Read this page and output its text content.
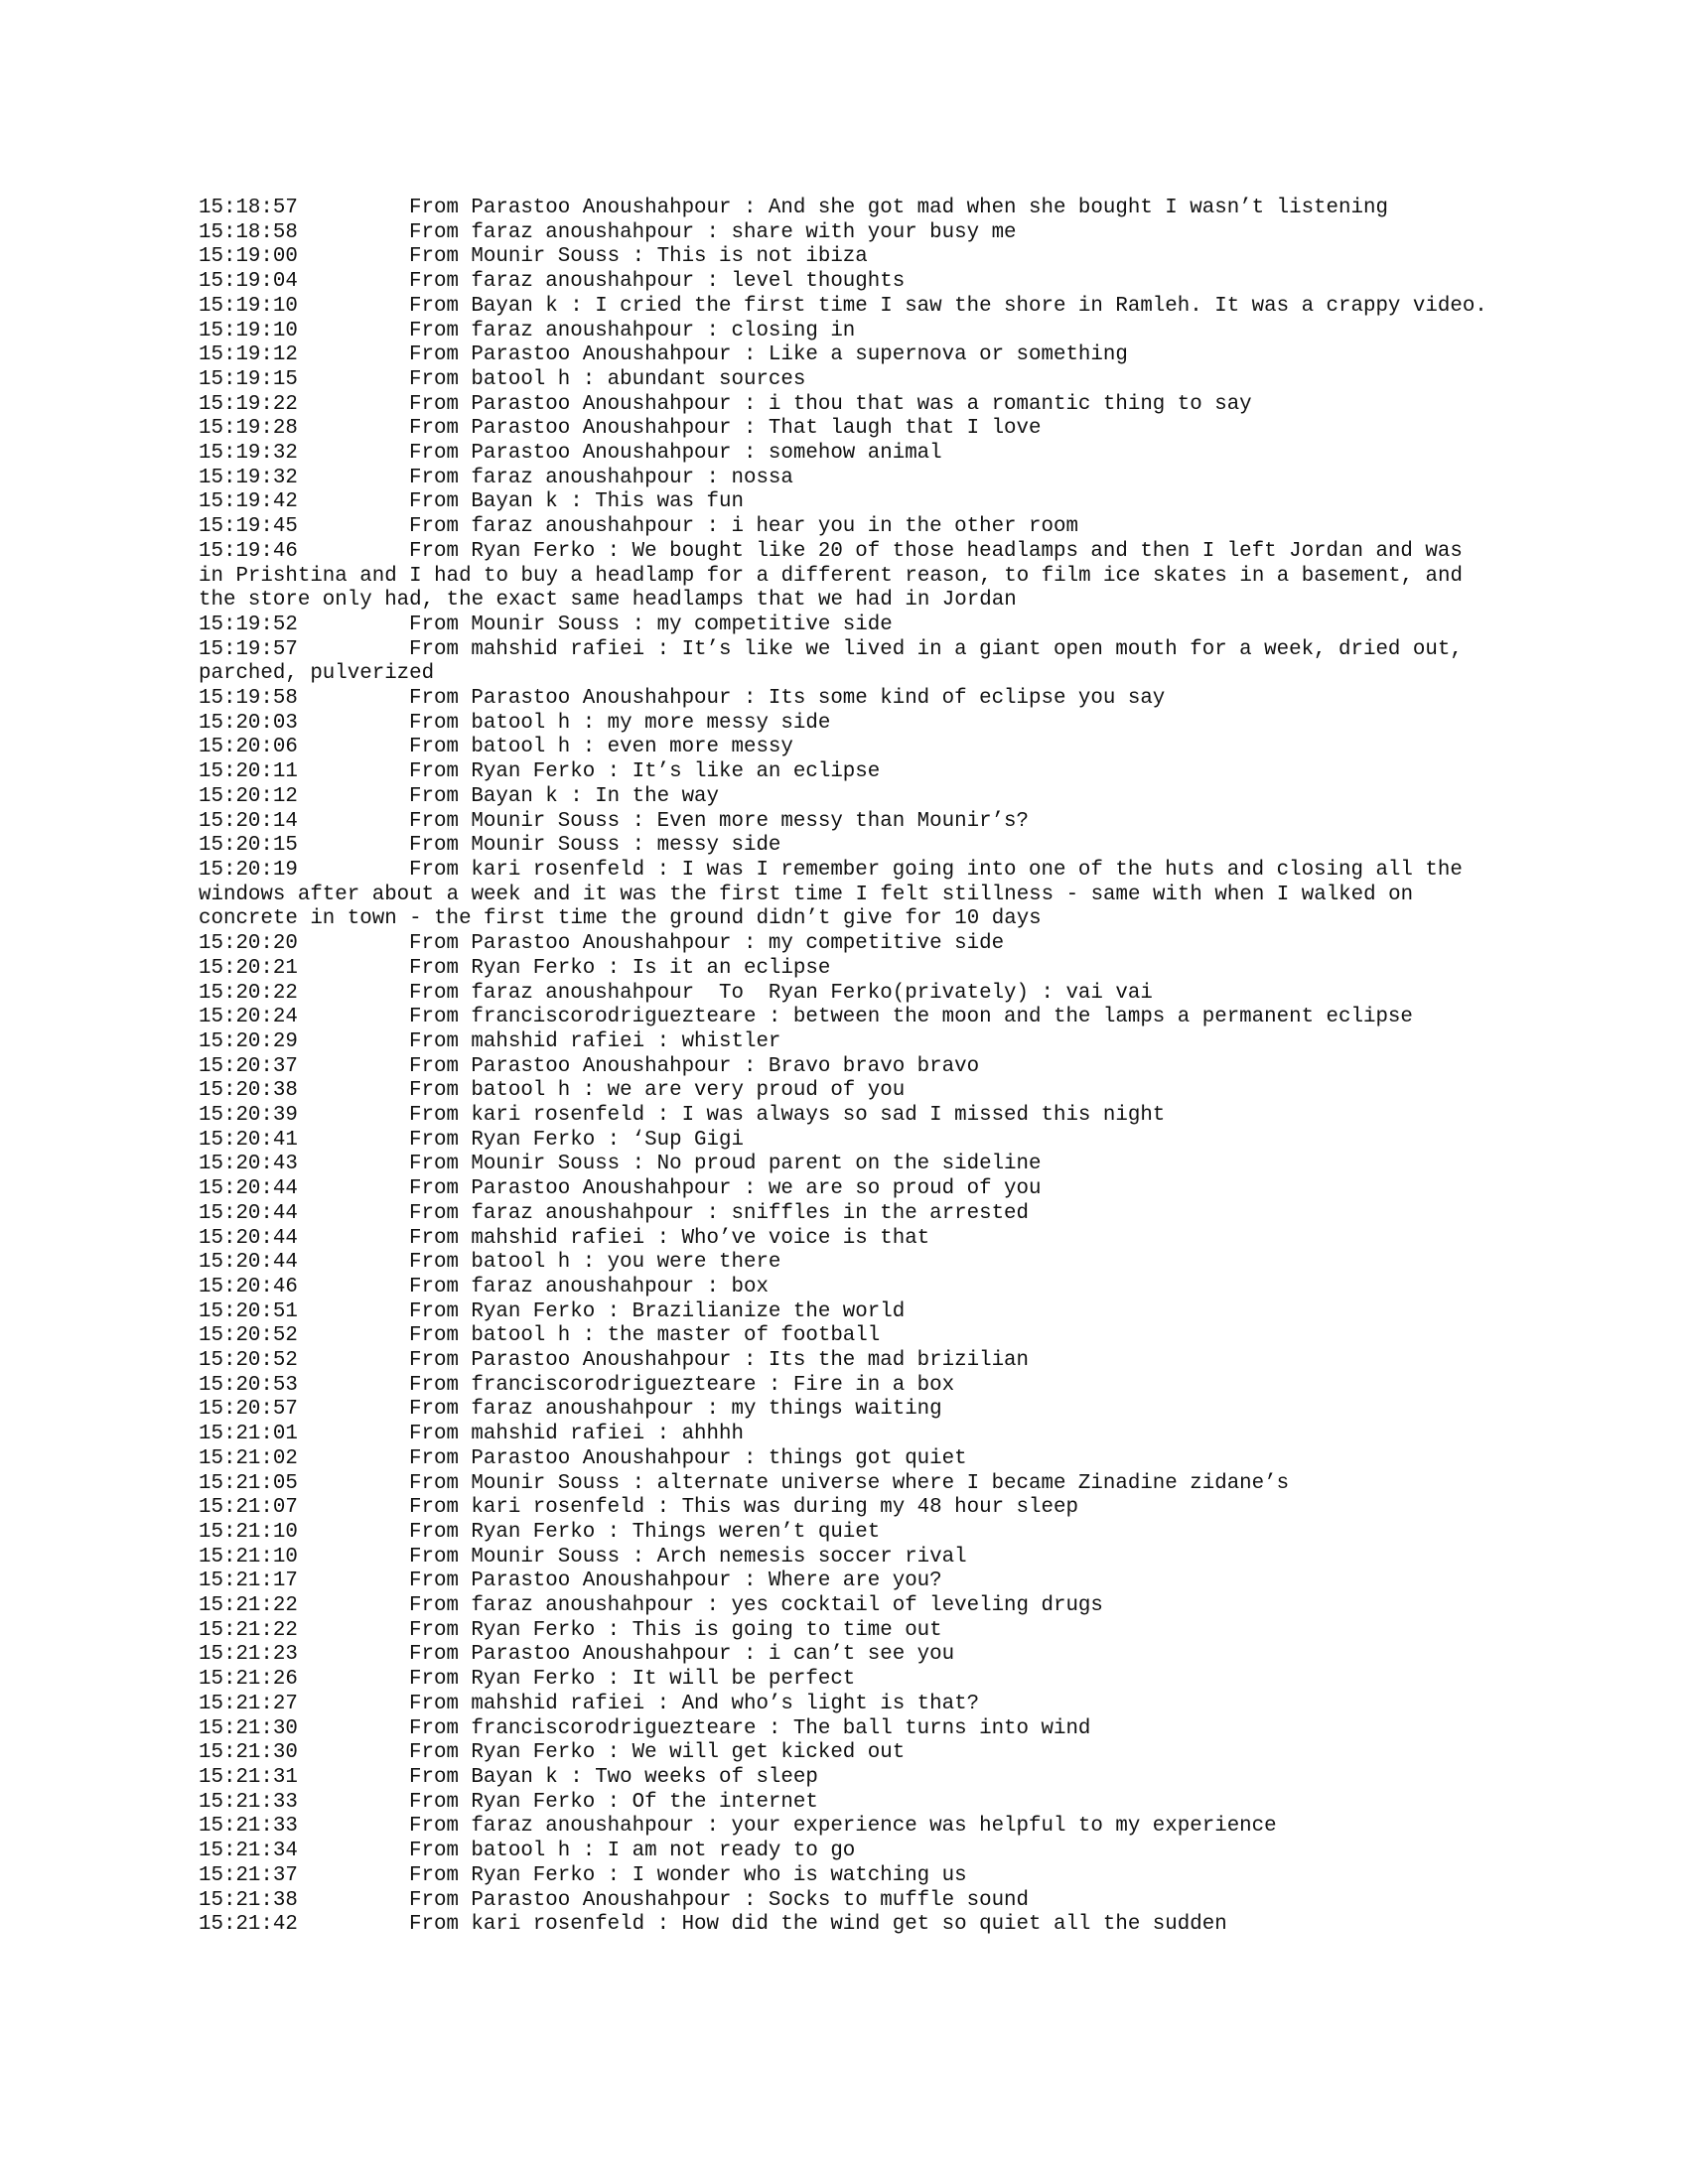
15:18:57	From Parastoo Anoushahpour : And she got mad when she bought I wasn’t listening
15:18:58	From faraz anoushahpour : share with your busy me
15:19:00	From Mounir Souss : This is not ibiza
15:19:04	From faraz anoushahpour : level thoughts
15:19:10	From Bayan k : I cried the first time I saw the shore in Ramleh. It was a crappy video.
15:19:10	From faraz anoushahpour : closing in
15:19:12	From Parastoo Anoushahpour : Like a supernova or something
15:19:15	From batool h : abundant sources
15:19:22	From Parastoo Anoushahpour : i thou that was a romantic thing to say
15:19:28	From Parastoo Anoushahpour : That laugh that I love
15:19:32	From Parastoo Anoushahpour : somehow animal
15:19:32	From faraz anoushahpour : nossa
15:19:42	From Bayan k : This was fun
15:19:45	From faraz anoushahpour : i hear you in the other room
15:19:46	From Ryan Ferko : We bought like 20 of those headlamps and then I left Jordan and was in Prishtina and I had to buy a headlamp for a different reason, to film ice skates in a basement, and the store only had, the exact same headlamps that we had in Jordan
15:19:52	From Mounir Souss : my competitive side
15:19:57	From mahshid rafiei : It’s like we lived in a giant open mouth for a week, dried out, parched, pulverized
15:19:58	From Parastoo Anoushahpour : Its some kind of eclipse you say
15:20:03	From batool h : my more messy side
15:20:06	From batool h : even more messy
15:20:11	From Ryan Ferko : It’s like an eclipse
15:20:12	From Bayan k : In the way
15:20:14	From Mounir Souss : Even more messy than Mounir’s?
15:20:15	From Mounir Souss : messy side
15:20:19	From kari rosenfeld : I was I remember going into one of the huts and closing all the windows after about a week and it was the first time I felt stillness - same with when I walked on concrete in town - the first time the ground didn’t give for 10 days
15:20:20	From Parastoo Anoushahpour : my competitive side
15:20:21	From Ryan Ferko : Is it an eclipse
15:20:22	From faraz anoushahpour  To  Ryan Ferko(privately) : vai vai
15:20:24	From franciscorodriguezteare : between the moon and the lamps a permanent eclipse
15:20:29	From mahshid rafiei : whistler
15:20:37	From Parastoo Anoushahpour : Bravo bravo bravo
15:20:38	From batool h : we are very proud of you
15:20:39	From kari rosenfeld : I was always so sad I missed this night
15:20:41	From Ryan Ferko : ‘Sup Gigi
15:20:43	From Mounir Souss : No proud parent on the sideline
15:20:44	From Parastoo Anoushahpour : we are so proud of you
15:20:44	From faraz anoushahpour : sniffles in the arrested
15:20:44	From mahshid rafiei : Who’ve voice is that
15:20:44	From batool h : you were there
15:20:46	From faraz anoushahpour : box
15:20:51	From Ryan Ferko : Brazilianize the world
15:20:52	From batool h : the master of football
15:20:52	From Parastoo Anoushahpour : Its the mad brizilian
15:20:53	From franciscorodriguezteare : Fire in a box
15:20:57	From faraz anoushahpour : my things waiting
15:21:01	From mahshid rafiei : ahhhh
15:21:02	From Parastoo Anoushahpour : things got quiet
15:21:05	From Mounir Souss : alternate universe where I became Zinadine zidane’s
15:21:07	From kari rosenfeld : This was during my 48 hour sleep
15:21:10	From Ryan Ferko : Things weren’t quiet
15:21:10	From Mounir Souss : Arch nemesis soccer rival
15:21:17	From Parastoo Anoushahpour : Where are you?
15:21:22	From faraz anoushahpour : yes cocktail of leveling drugs
15:21:22	From Ryan Ferko : This is going to time out
15:21:23	From Parastoo Anoushahpour : i can’t see you
15:21:26	From Ryan Ferko : It will be perfect
15:21:27	From mahshid rafiei : And who’s light is that?
15:21:30	From franciscorodriguezteare : The ball turns into wind
15:21:30	From Ryan Ferko : We will get kicked out
15:21:31	From Bayan k : Two weeks of sleep
15:21:33	From Ryan Ferko : Of the internet
15:21:33	From faraz anoushahpour : your experience was helpful to my experience
15:21:34	From batool h : I am not ready to go
15:21:37	From Ryan Ferko : I wonder who is watching us
15:21:38	From Parastoo Anoushahpour : Socks to muffle sound
15:21:42	From kari rosenfeld : How did the wind get so quiet all the sudden
